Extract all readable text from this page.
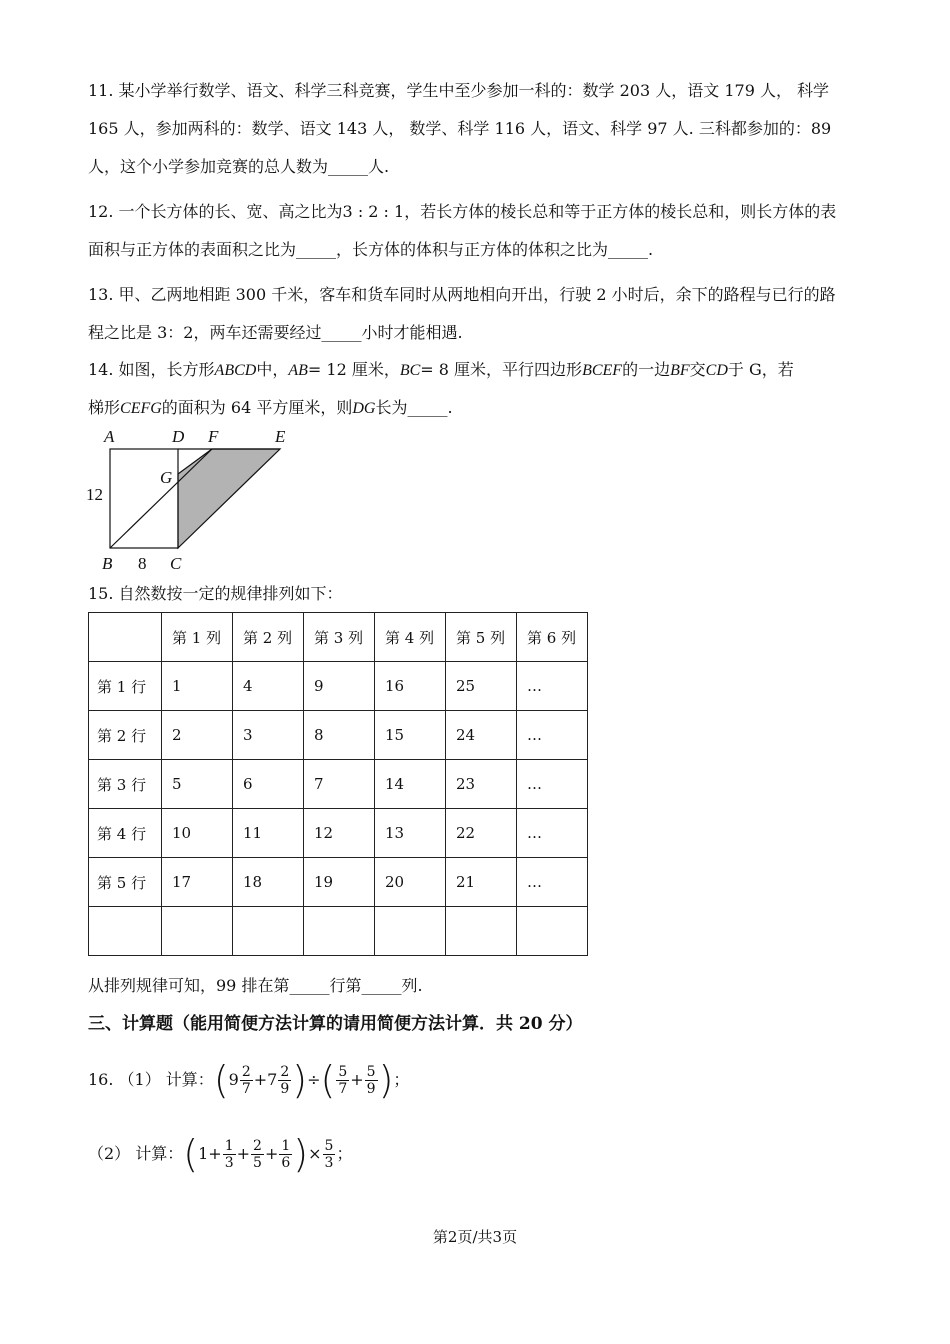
11. 某小学举行数学、语文、科学三科竞赛，学生中至少参加一科的：数学 203 人，语文 179 人， 科学
165 人，参加两科的：数学、语文 143 人， 数学、科学 116 人，语文、科学 97 人. 三科都参加的：89
人，这个小学参加竞赛的总人数为_____人.
12. 一个长方体的长、宽、高之比为3 : 2 : 1，若长方体的棱长总和等于正方体的棱长总和，则长方体的表
面积与正方体的表面积之比为_____，长方体的体积与正方体的体积之比为_____.
13. 甲、乙两地相距 300 千米，客车和货车同时从两地相向开出，行驶 2 小时后，余下的路程与已行的路
程之比是 3：2，两车还需要经过_____小时才能相遇.
14. 如图，长方形ABCD中，AB= 12 厘米，BC= 8 厘米，平行四边形BCEF的一边BF交CD于 G，若
梯形CEFG的面积为 64 平方厘米，则DG长为_____.
A	D F	E
G
B	C
12
8
15. 自然数按一定的规律排列如下：
	第 1 列	第 2 列	第 3 列	第 4 列	第 5 列	第 6 列
第 1 行	1	4	9	16	25	…
第 2 行	2	3	8	15	24	…
第 3 行	5	6	7	14	23	…
第 4 行	10	11	12	13	22	…
第 5 行	17	18	19	20	21	…

从排列规律可知，99 排在第_____行第_____列.
三、计算题（能用简便方法计算的请用简便方法计算．共 20 分）
16. （1） 计算： ( $9 \frac{2}{7} + 7 \frac{2}{9}$ ) ÷ ( $\frac{5}{7} + \frac{5}{9}$ ) ；
（2） 计算： ( $1 + \frac{1}{3} + \frac{2}{5} + \frac{1}{6}$ ) × $\frac{5}{3}$ ；
第2页/共3页
